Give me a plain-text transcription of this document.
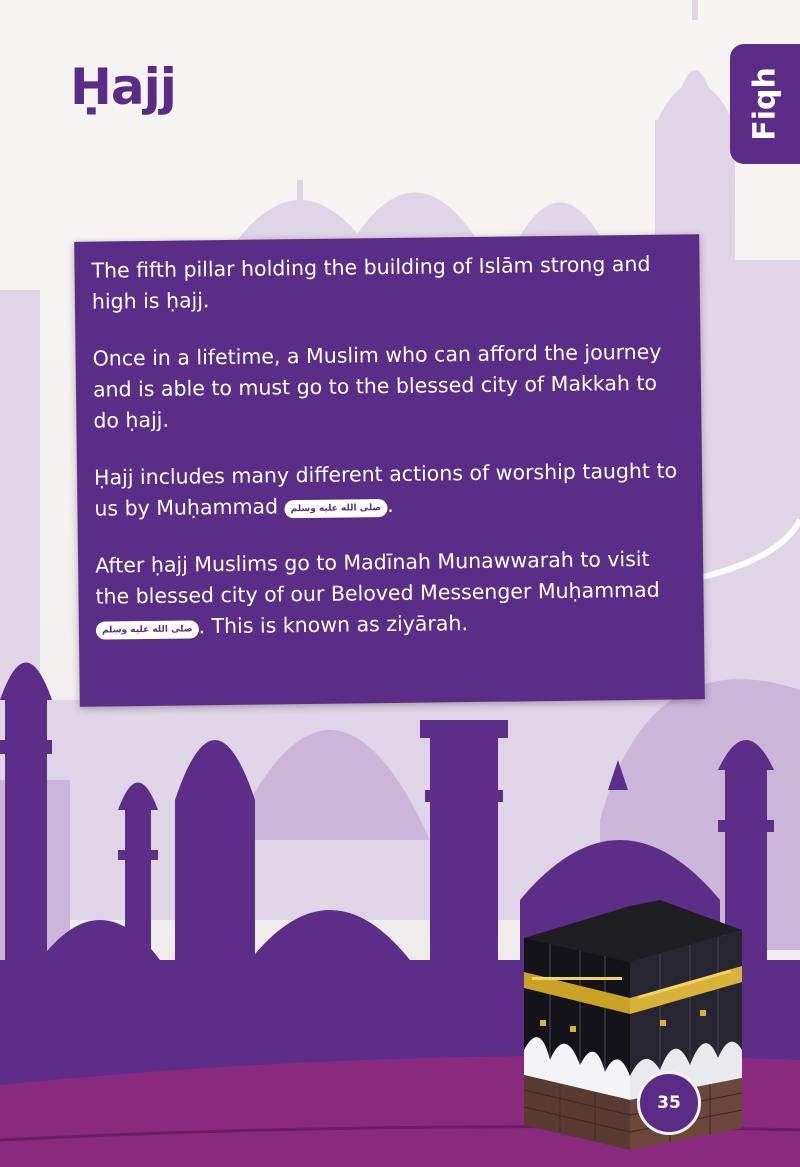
Ḥajj	Fiqh

The fifth pillar holding the building of Islām strong and high is ḥajj.

Once in a lifetime, a Muslim who can afford the journey and is able to must go to the blessed city of Makkah to do ḥajj.

Ḥajj includes many different actions of worship taught to us by Muḥammad صلى الله عليه وسلم .

After ḥajj Muslims go to Madīnah Munawwarah to visit the blessed city of our Beloved Messenger Muḥammad صلى الله عليه وسلم . This is known as ziyārah.

35
